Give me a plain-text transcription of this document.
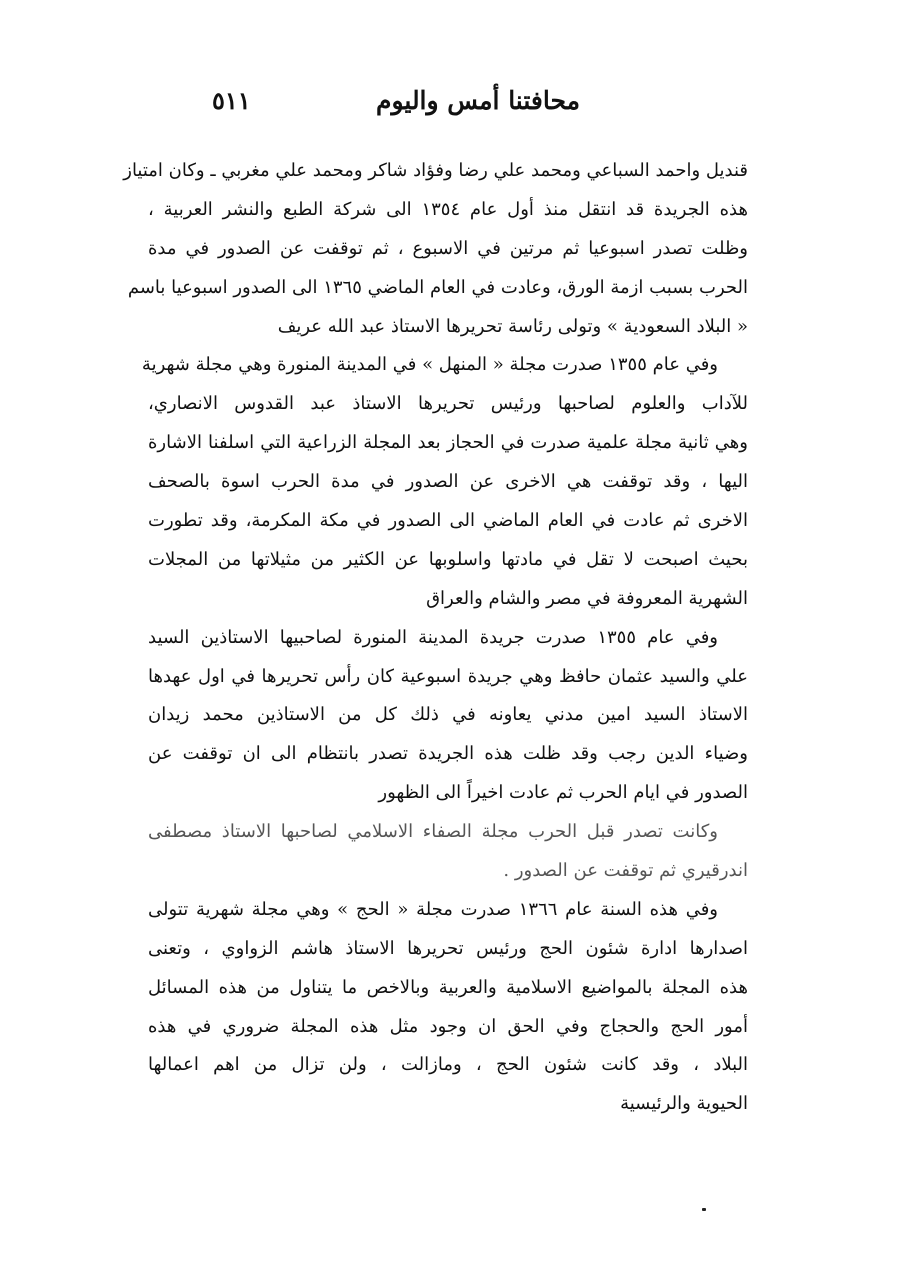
محافتنا أمس واليوم
٥١١
قنديل واحمد السباعي ومحمد علي رضا وفؤاد شاكر ومحمد علي مغربي ـ وكان امتياز
هذه الجريدة قد انتقل منذ أول عام ١٣٥٤ الى شركة الطبع والنشر العربية ،
وظلت تصدر اسبوعيا ثم مرتين في الاسبوع ، ثم توقفت عن الصدور في مدة
الحرب بسبب ازمة الورق، وعادت في العام الماضي ١٣٦٥ الى الصدور اسبوعيا باسم
« البلاد السعودية » وتولى رئاسة تحريرها الاستاذ عبد الله عريف
وفي عام ١٣٥٥ صدرت مجلة « المنهل » في المدينة المنورة وهي مجلة شهرية
للآداب والعلوم لصاحبها ورئيس تحريرها الاستاذ عبد القدوس الانصاري،
وهي ثانية مجلة علمية صدرت في الحجاز بعد المجلة الزراعية التي اسلفنا الاشارة
اليها ، وقد توقفت هي الاخرى عن الصدور في مدة الحرب اسوة بالصحف
الاخرى ثم عادت في العام الماضي الى الصدور في مكة المكرمة، وقد تطورت
بحيث اصبحت لا تقل في مادتها واسلوبها عن الكثير من مثيلاتها من المجلات
الشهرية المعروفة في مصر والشام والعراق
وفي عام ١٣٥٥ صدرت جريدة المدينة المنورة لصاحبيها الاستاذين السيد
علي والسيد عثمان حافظ وهي جريدة اسبوعية كان رأس تحريرها في اول عهدها
الاستاذ السيد امين مدني يعاونه في ذلك كل من الاستاذين محمد زيدان
وضياء الدين رجب وقد ظلت هذه الجريدة تصدر بانتظام الى ان توقفت عن
الصدور في ايام الحرب ثم عادت اخيراً الى الظهور
وكانت تصدر قبل الحرب مجلة الصفاء الاسلامي لصاحبها الاستاذ مصطفى
اندرقيري ثم توقفت عن الصدور .
وفي هذه السنة عام ١٣٦٦ صدرت مجلة « الحج » وهي مجلة شهرية تتولى
اصدارها ادارة شئون الحج ورئيس تحريرها الاستاذ هاشم الزواوي ، وتعنى
هذه المجلة بالمواضيع الاسلامية والعربية وبالاخص ما يتناول من هذه المسائل
أمور الحج والحجاج وفي الحق ان وجود مثل هذه المجلة ضروري في هذه
البلاد ، وقد كانت شئون الحج ، ومازالت ، ولن تزال من اهم اعمالها
الحيوية والرئيسية
